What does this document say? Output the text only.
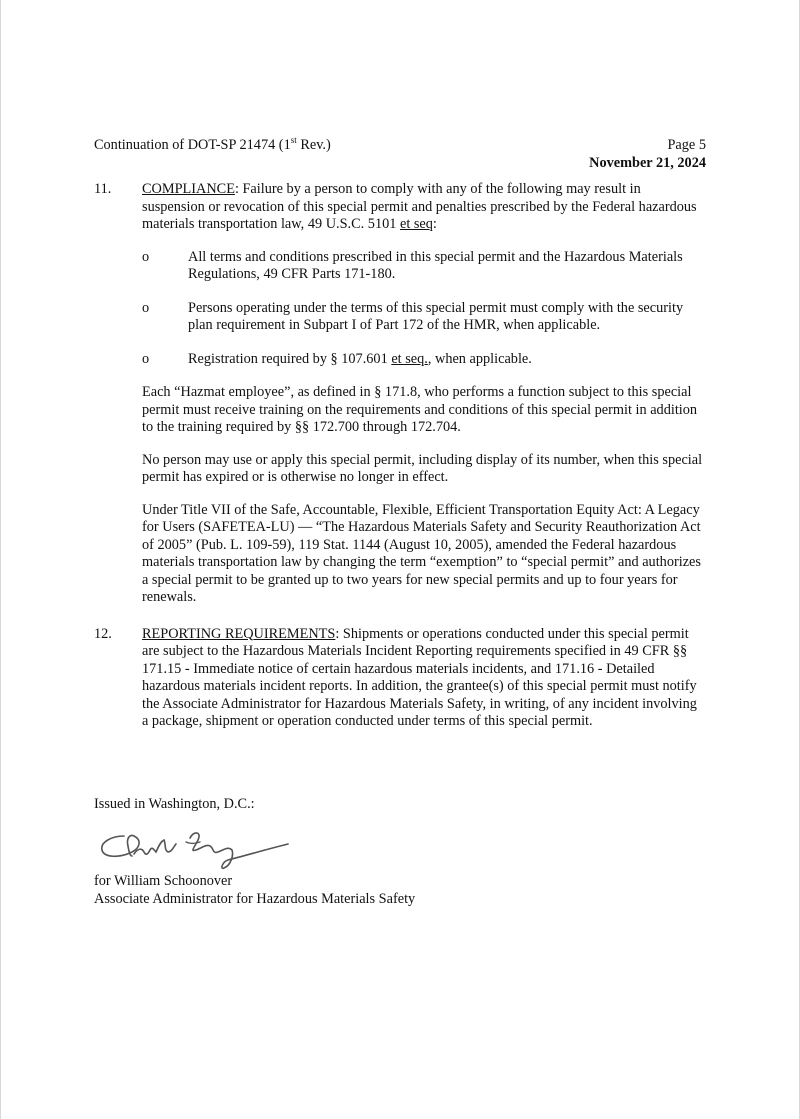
Continuation of DOT-SP 21474 (1st Rev.)	Page 5
November 21, 2024
11. COMPLIANCE: Failure by a person to comply with any of the following may result in suspension or revocation of this special permit and penalties prescribed by the Federal hazardous materials transportation law, 49 U.S.C. 5101 et seq:

o	All terms and conditions prescribed in this special permit and the Hazardous Materials Regulations, 49 CFR Parts 171-180.
o	Persons operating under the terms of this special permit must comply with the security plan requirement in Subpart I of Part 172 of the HMR, when applicable.
o	Registration required by § 107.601 et seq., when applicable.

Each “Hazmat employee”, as defined in § 171.8, who performs a function subject to this special permit must receive training on the requirements and conditions of this special permit in addition to the training required by §§ 172.700 through 172.704.

No person may use or apply this special permit, including display of its number, when this special permit has expired or is otherwise no longer in effect.

Under Title VII of the Safe, Accountable, Flexible, Efficient Transportation Equity Act: A Legacy for Users (SAFETEA-LU) — “The Hazardous Materials Safety and Security Reauthorization Act of 2005” (Pub. L. 109-59), 119 Stat. 1144 (August 10, 2005), amended the Federal hazardous materials transportation law by changing the term “exemption” to “special permit” and authorizes a special permit to be granted up to two years for new special permits and up to four years for renewals.

12. REPORTING REQUIREMENTS: Shipments or operations conducted under this special permit are subject to the Hazardous Materials Incident Reporting requirements specified in 49 CFR §§ 171.15 - Immediate notice of certain hazardous materials incidents, and 171.16 - Detailed hazardous materials incident reports. In addition, the grantee(s) of this special permit must notify the Associate Administrator for Hazardous Materials Safety, in writing, of any incident involving a package, shipment or operation conducted under terms of this special permit.

Issued in Washington, D.C.:
for William Schoonover
Associate Administrator for Hazardous Materials Safety
